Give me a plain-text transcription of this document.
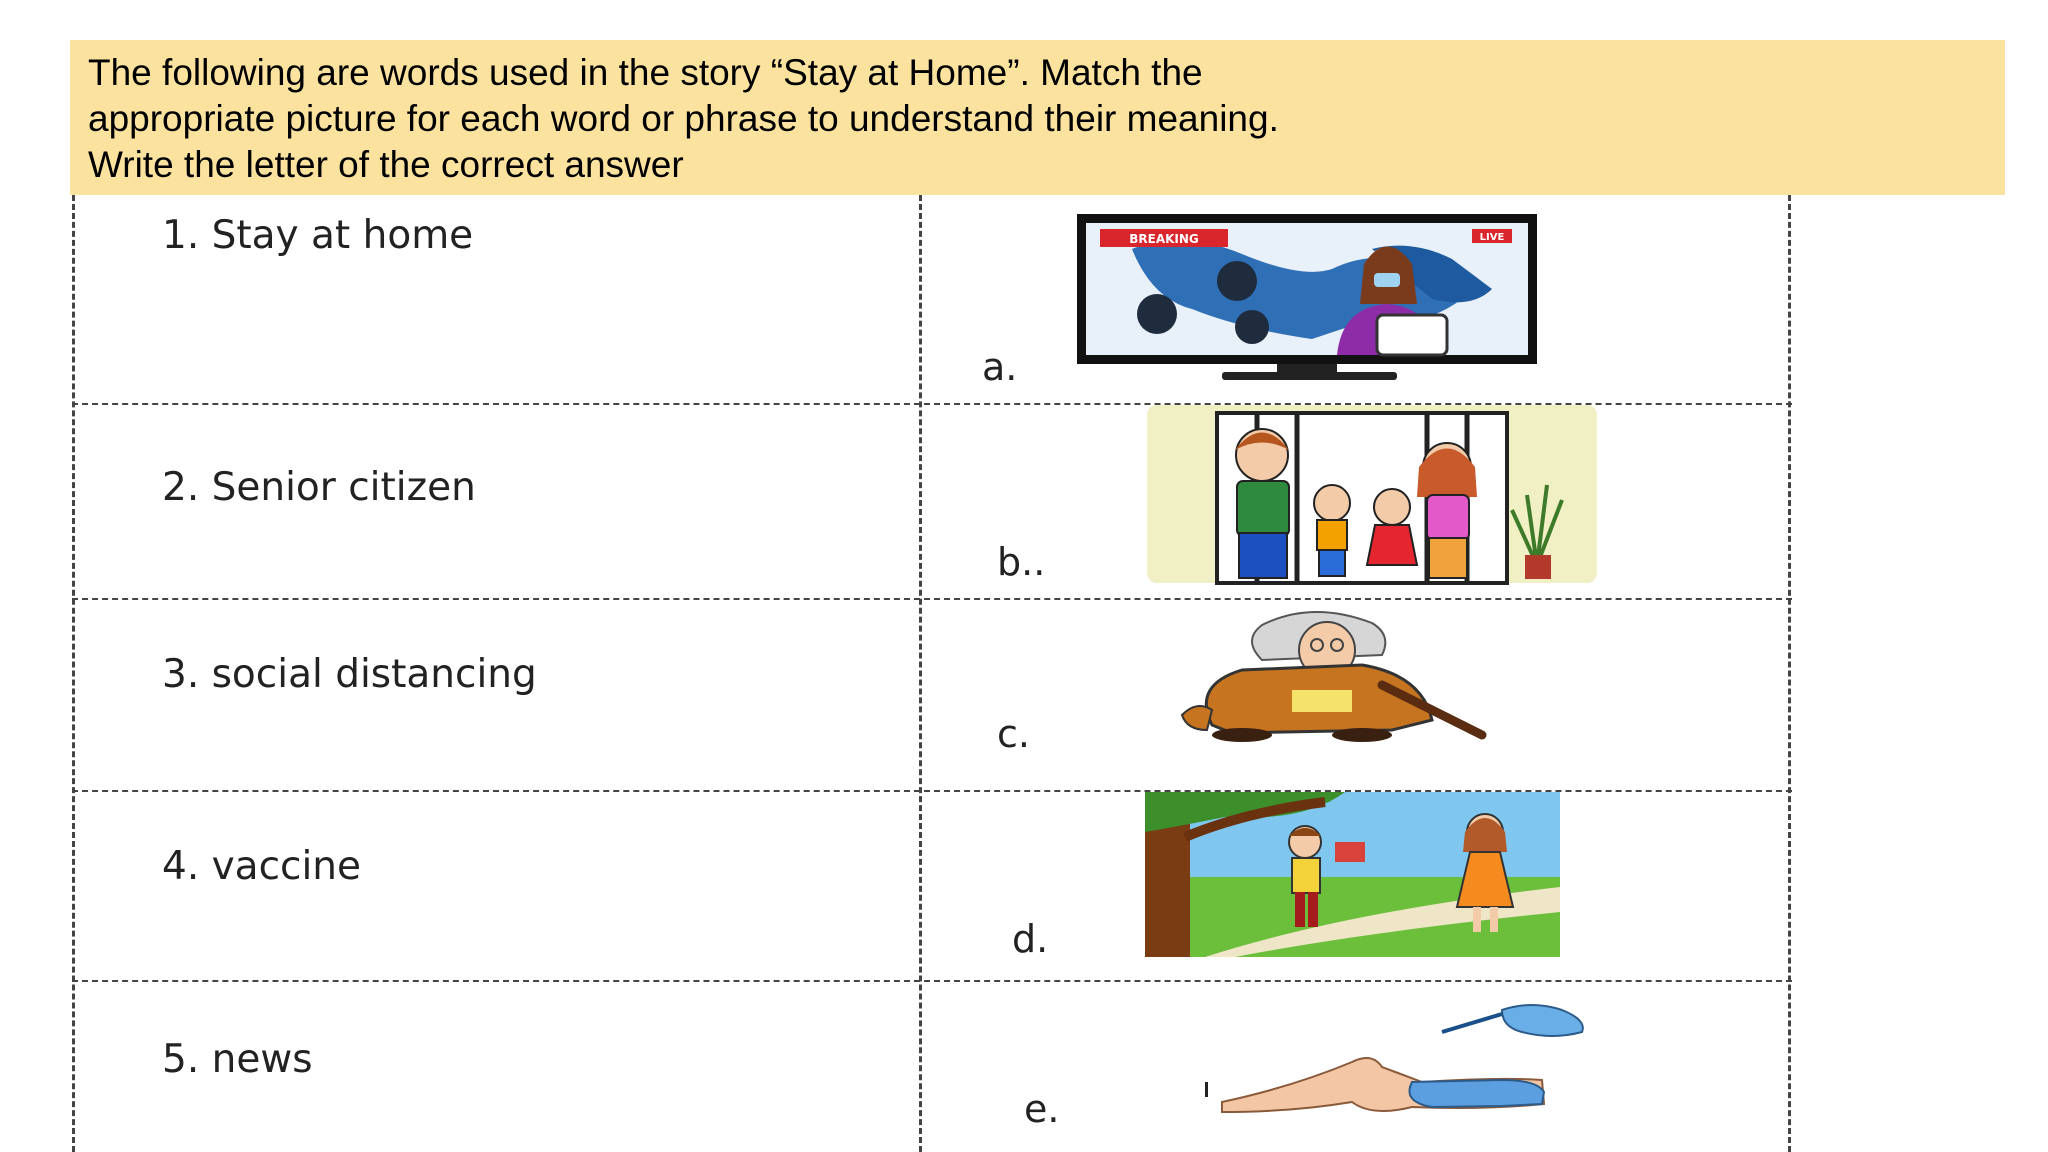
The following are words used in the story “Stay at Home”. Match the
appropriate picture for each word or phrase to understand their meaning.
Write the letter of the correct answer
1. Stay at home
a.
BREAKING	LIVE
2. Senior citizen
b..
3. social distancing
c.
4. vaccine
d.
5. news
e.
